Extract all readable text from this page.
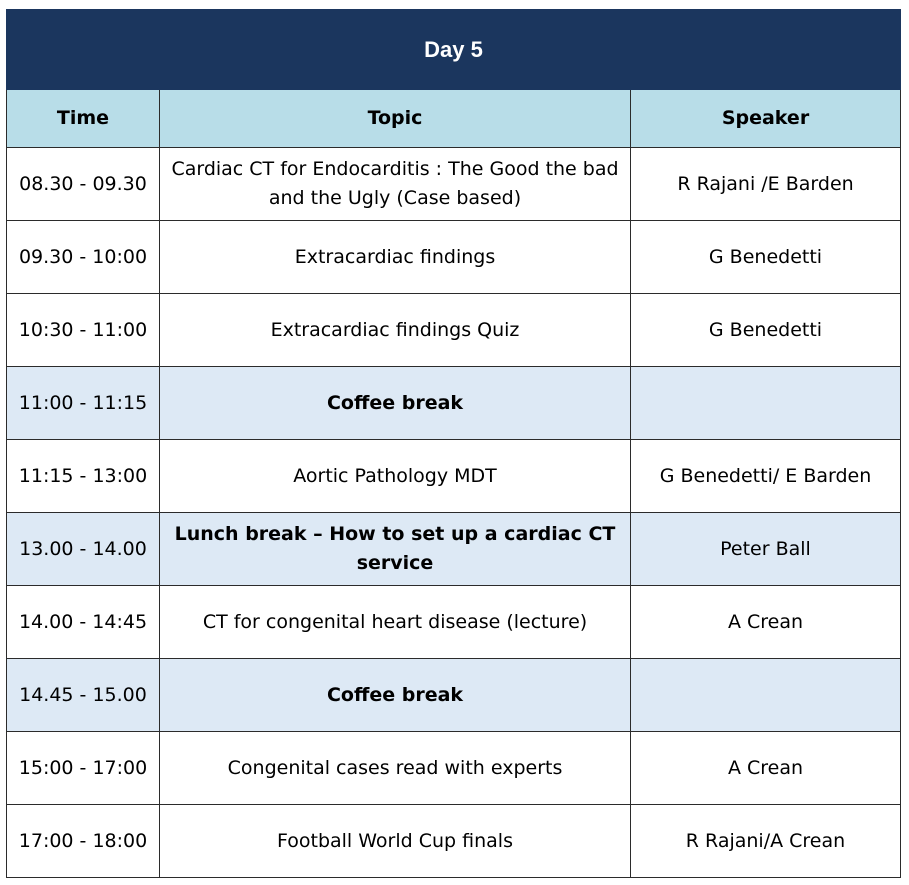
Day 5		
Time	Topic	Speaker
08.30 - 09.30	Cardiac CT for Endocarditis : The Good the bad and the Ugly (Case based)	R Rajani /E Barden
09.30 - 10:00	Extracardiac findings	G Benedetti
10:30 - 11:00	Extracardiac findings Quiz	G Benedetti
11:00 - 11:15	Coffee break	
11:15 - 13:00	Aortic Pathology MDT	G Benedetti/ E Barden
13.00 - 14.00	Lunch break – How to set up a cardiac CT service	Peter Ball
14.00 - 14:45	CT for congenital heart disease (lecture)	A Crean
14.45 - 15.00	Coffee break	
15:00 - 17:00	Congenital cases read with experts	A Crean
17:00 - 18:00	Football World Cup finals	R Rajani/A Crean
